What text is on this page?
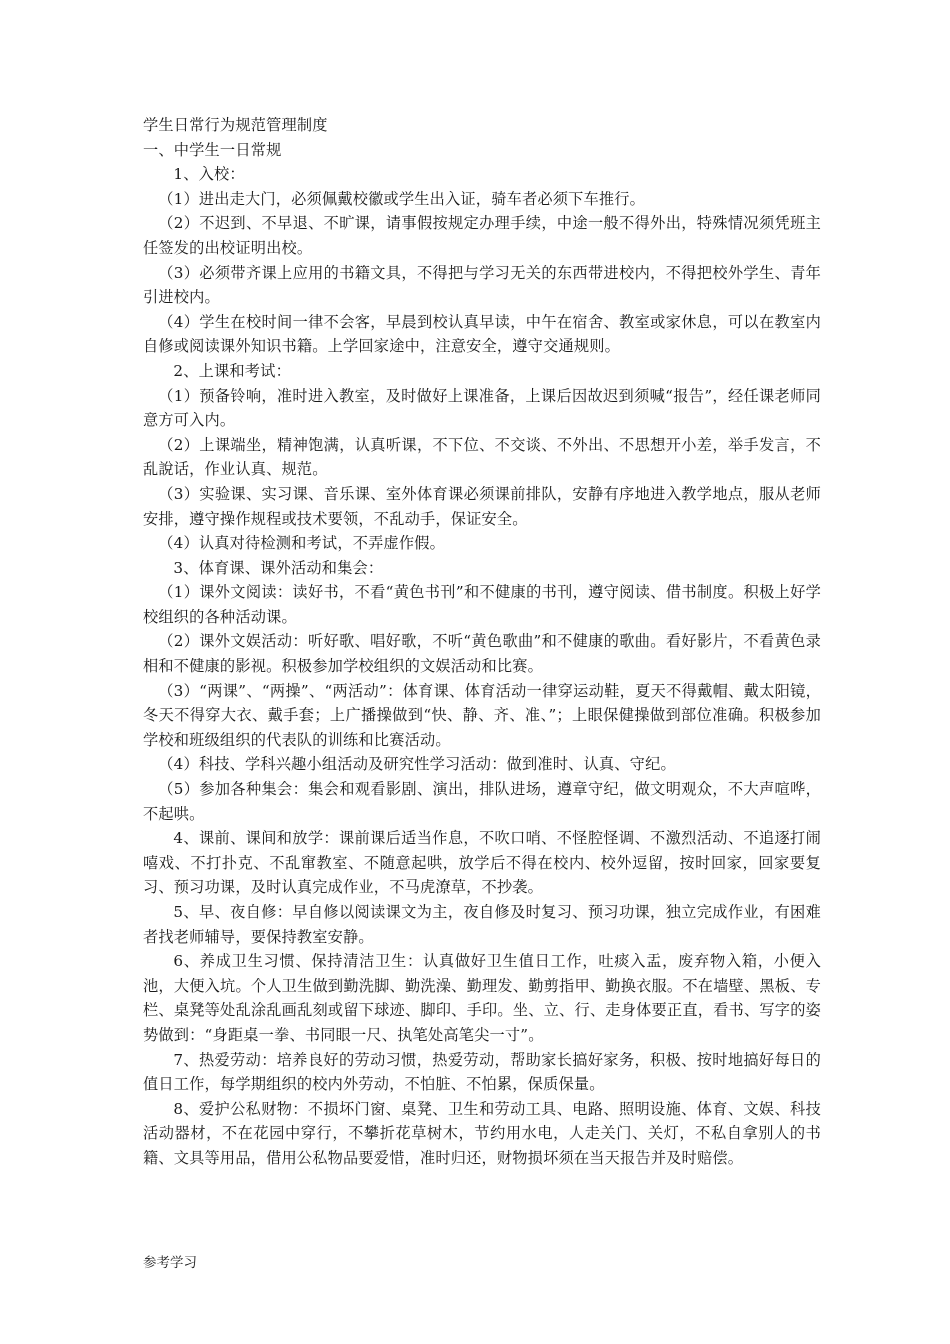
学生日常行为规范管理制度

一、中学生一日常规

1、入校：

（1）进出走大门，必须佩戴校徽或学生出入证，骑车者必须下车推行。

（2）不迟到、不早退、不旷课，请事假按规定办理手续，中途一般不得外出，特殊情况须凭班主任签发的出校证明出校。

（3）必须带齐课上应用的书籍文具，不得把与学习无关的东西带进校内，不得把校外学生、青年引进校内。

（4）学生在校时间一律不会客，早晨到校认真早读，中午在宿舍、教室或家休息，可以在教室内自修或阅读课外知识书籍。上学回家途中，注意安全，遵守交通规则。

2、上课和考试：

（1）预备铃响，准时进入教室，及时做好上课准备，上课后因故迟到须喊“报告”，经任课老师同意方可入内。

（2）上课端坐，精神饱满，认真听课，不下位、不交谈、不外出、不思想开小差，举手发言，不乱說话，作业认真、规范。

（3）实验课、实习课、音乐课、室外体育课必须课前排队，安静有序地进入教学地点，服从老师安排，遵守操作规程或技术要领，不乱动手，保证安全。

（4）认真对待检测和考试，不弄虚作假。

3、体育课、课外活动和集会：

（1）课外文阅读：读好书，不看“黄色书刊”和不健康的书刊，遵守阅读、借书制度。积极上好学校组织的各种活动课。

（2）课外文娱活动：听好歌、唱好歌，不听“黄色歌曲”和不健康的歌曲。看好影片，不看黄色录相和不健康的影视。积极参加学校组织的文娱活动和比赛。

（3）“两课”、“两操”、“两活动”：体育课、体育活动一律穿运动鞋，夏天不得戴帽、戴太阳镜，冬天不得穿大衣、戴手套；上广播操做到“快、静、齐、准、”；上眼保健操做到部位准确。积极参加学校和班级组织的代表队的训练和比赛活动。

（4）科技、学科兴趣小组活动及研究性学习活动：做到准时、认真、守纪。

（5）参加各种集会：集会和观看影剧、演出，排队进场，遵章守纪，做文明观众，不大声喧哗，不起哄。

4、课前、课间和放学：课前课后适当作息，不吹口哨、不怪腔怪调、不激烈活动、不追逐打闹嘻戏、不打扑克、不乱窜教室、不随意起哄，放学后不得在校内、校外逗留，按时回家，回家要复习、预习功课，及时认真完成作业，不马虎潦草，不抄袭。

5、早、夜自修：早自修以阅读课文为主，夜自修及时复习、预习功课，独立完成作业，有困难者找老师辅导，要保持教室安静。

6、养成卫生习惯、保持清洁卫生：认真做好卫生值日工作，吐痰入盂，废弃物入箱，小便入池，大便入坑。个人卫生做到勤洗脚、勤洗澡、勤理发、勤剪指甲、勤换衣服。不在墙壁、黑板、专栏、桌凳等处乱涂乱画乱刻或留下球迹、脚印、手印。坐、立、行、走身体要正直，看书、写字的姿势做到：“身距桌一拳、书同眼一尺、执笔处高笔尖一寸”。

7、热爱劳动：培养良好的劳动习惯，热爱劳动，帮助家长搞好家务，积极、按时地搞好每日的值日工作，每学期组织的校内外劳动，不怕脏、不怕累，保质保量。

8、爱护公私财物：不损坏门窗、桌凳、卫生和劳动工具、电路、照明设施、体育、文娱、科技活动器材，不在花园中穿行，不攀折花草树木，节约用水电，人走关门、关灯，不私自拿别人的书籍、文具等用品，借用公私物品要爱惜，准时归还，财物损坏须在当天报告并及时赔偿。

参考学习
